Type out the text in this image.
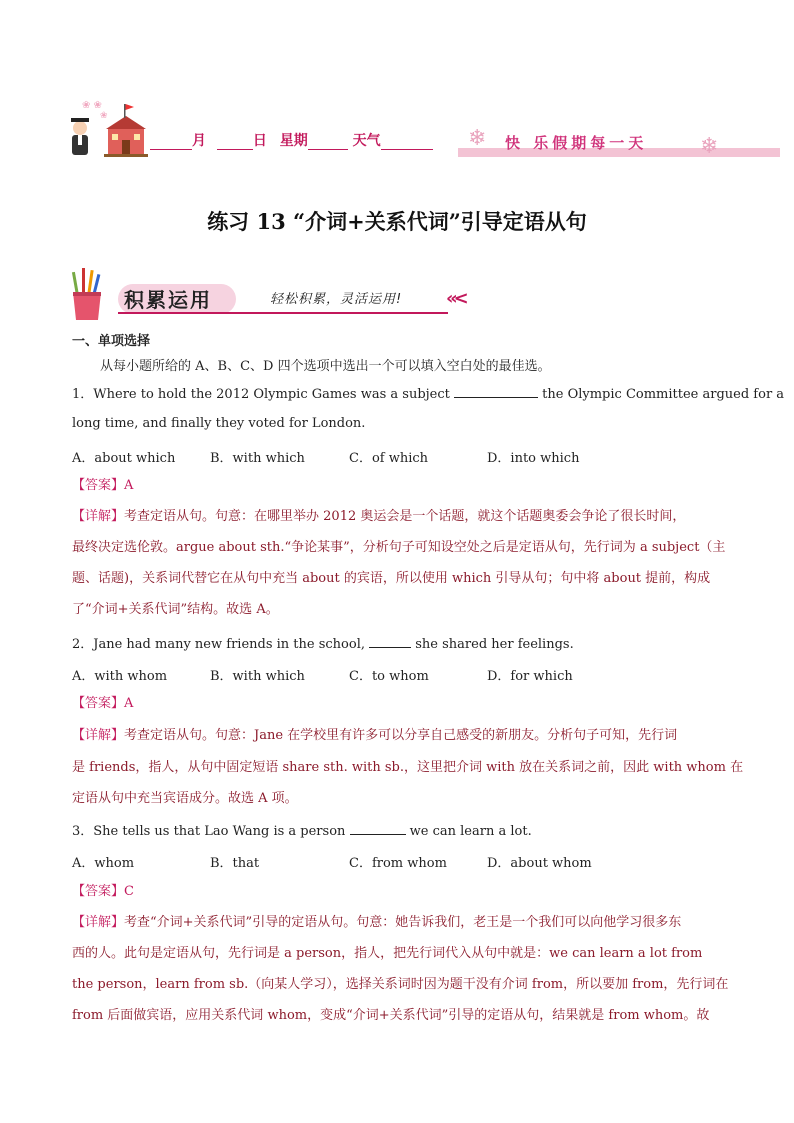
❀ ❀
❀
月	日 星期	天气	❄	❄
快 乐假期每一天
练习 13 “介词+关系代词”引导定语从句
积累运用	轻松积累，灵活运用! «<
一、单项选择
从每小题所给的 A、B、C、D 四个选项中选出一个可以填入空白处的最佳选。
1．Where to hold the 2012 Olympic Games was a subject	the Olympic Committee argued for a
long time, and finally they voted for London.
A．about which	B．with which	C．of which	D．into which
【答案】A
【详解】考查定语从句。句意：在哪里举办 2012 奥运会是一个话题，就这个话题奥委会争论了很长时间，
最终决定选伦敦。argue about sth.“争论某事”，分析句子可知设空处之后是定语从句，先行词为 a subject（主
题、话题)，关系词代替它在从句中充当 about 的宾语，所以使用 which 引导从句；句中将 about 提前，构成
了“介词+关系代词”结构。故选 A。
2．Jane had many new friends in the school,	she shared her feelings.
A．with whom	B．with which	C．to whom	D．for which
【答案】A
【详解】考查定语从句。句意：Jane 在学校里有许多可以分享自己感受的新朋友。分析句子可知，先行词
是 friends，指人，从句中固定短语 share sth. with sb.，这里把介词 with 放在关系词之前，因此 with whom 在
定语从句中充当宾语成分。故选 A 项。
3．She tells us that Lao Wang is a person	we can learn a lot.
A．whom	B．that	C．from whom	D．about whom
【答案】C
【详解】考查“介词+关系代词”引导的定语从句。句意：她告诉我们，老王是一个我们可以向他学习很多东
西的人。此句是定语从句，先行词是 a person，指人，把先行词代入从句中就是：we can learn a lot from
the person，learn from sb.（向某人学习），选择关系词时因为题干没有介词 from，所以要加 from，先行词在
from 后面做宾语，应用关系代词 whom，变成“介词+关系代词”引导的定语从句，结果就是 from whom。故
